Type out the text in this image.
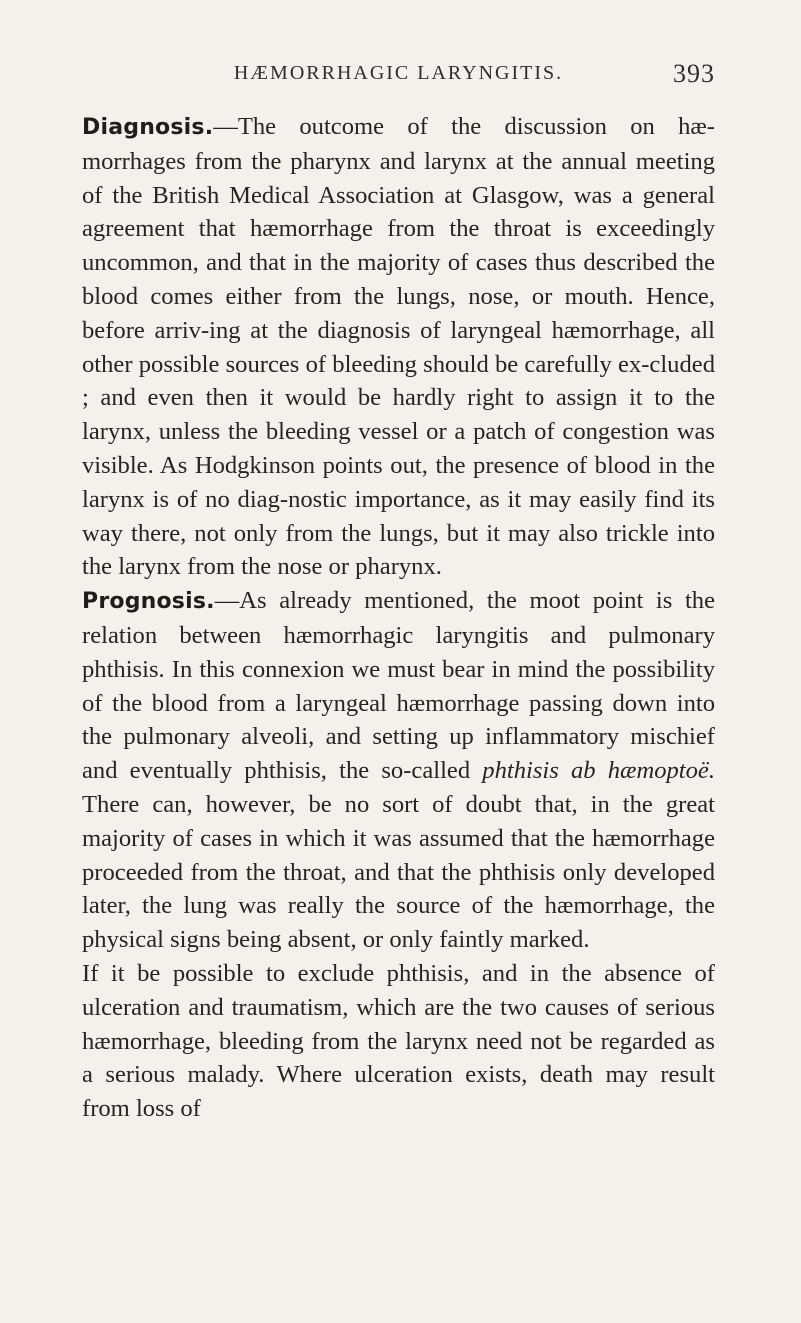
HÆMORRHAGIC LARYNGITIS.	393

Diagnosis.—The outcome of the discussion on hæ-morrhages from the pharynx and larynx at the annual meeting of the British Medical Association at Glasgow, was a general agreement that hæmorrhage from the throat is exceedingly uncommon, and that in the majority of cases thus described the blood comes either from the lungs, nose, or mouth. Hence, before arriv-ing at the diagnosis of laryngeal hæmorrhage, all other possible sources of bleeding should be carefully ex-cluded ; and even then it would be hardly right to assign it to the larynx, unless the bleeding vessel or a patch of congestion was visible. As Hodgkinson points out, the presence of blood in the larynx is of no diag-nostic importance, as it may easily find its way there, not only from the lungs, but it may also trickle into the larynx from the nose or pharynx.

Prognosis.—As already mentioned, the moot point is the relation between hæmorrhagic laryngitis and pulmonary phthisis. In this connexion we must bear in mind the possibility of the blood from a laryngeal hæmorrhage passing down into the pulmonary alveoli, and setting up inflammatory mischief and eventually phthisis, the so-called phthisis ab hæmoptoë. There can, however, be no sort of doubt that, in the great majority of cases in which it was assumed that the hæmorrhage proceeded from the throat, and that the phthisis only developed later, the lung was really the source of the hæmorrhage, the physical signs being absent, or only faintly marked.

If it be possible to exclude phthisis, and in the absence of ulceration and traumatism, which are the two causes of serious hæmorrhage, bleeding from the larynx need not be regarded as a serious malady. Where ulceration exists, death may result from loss of
